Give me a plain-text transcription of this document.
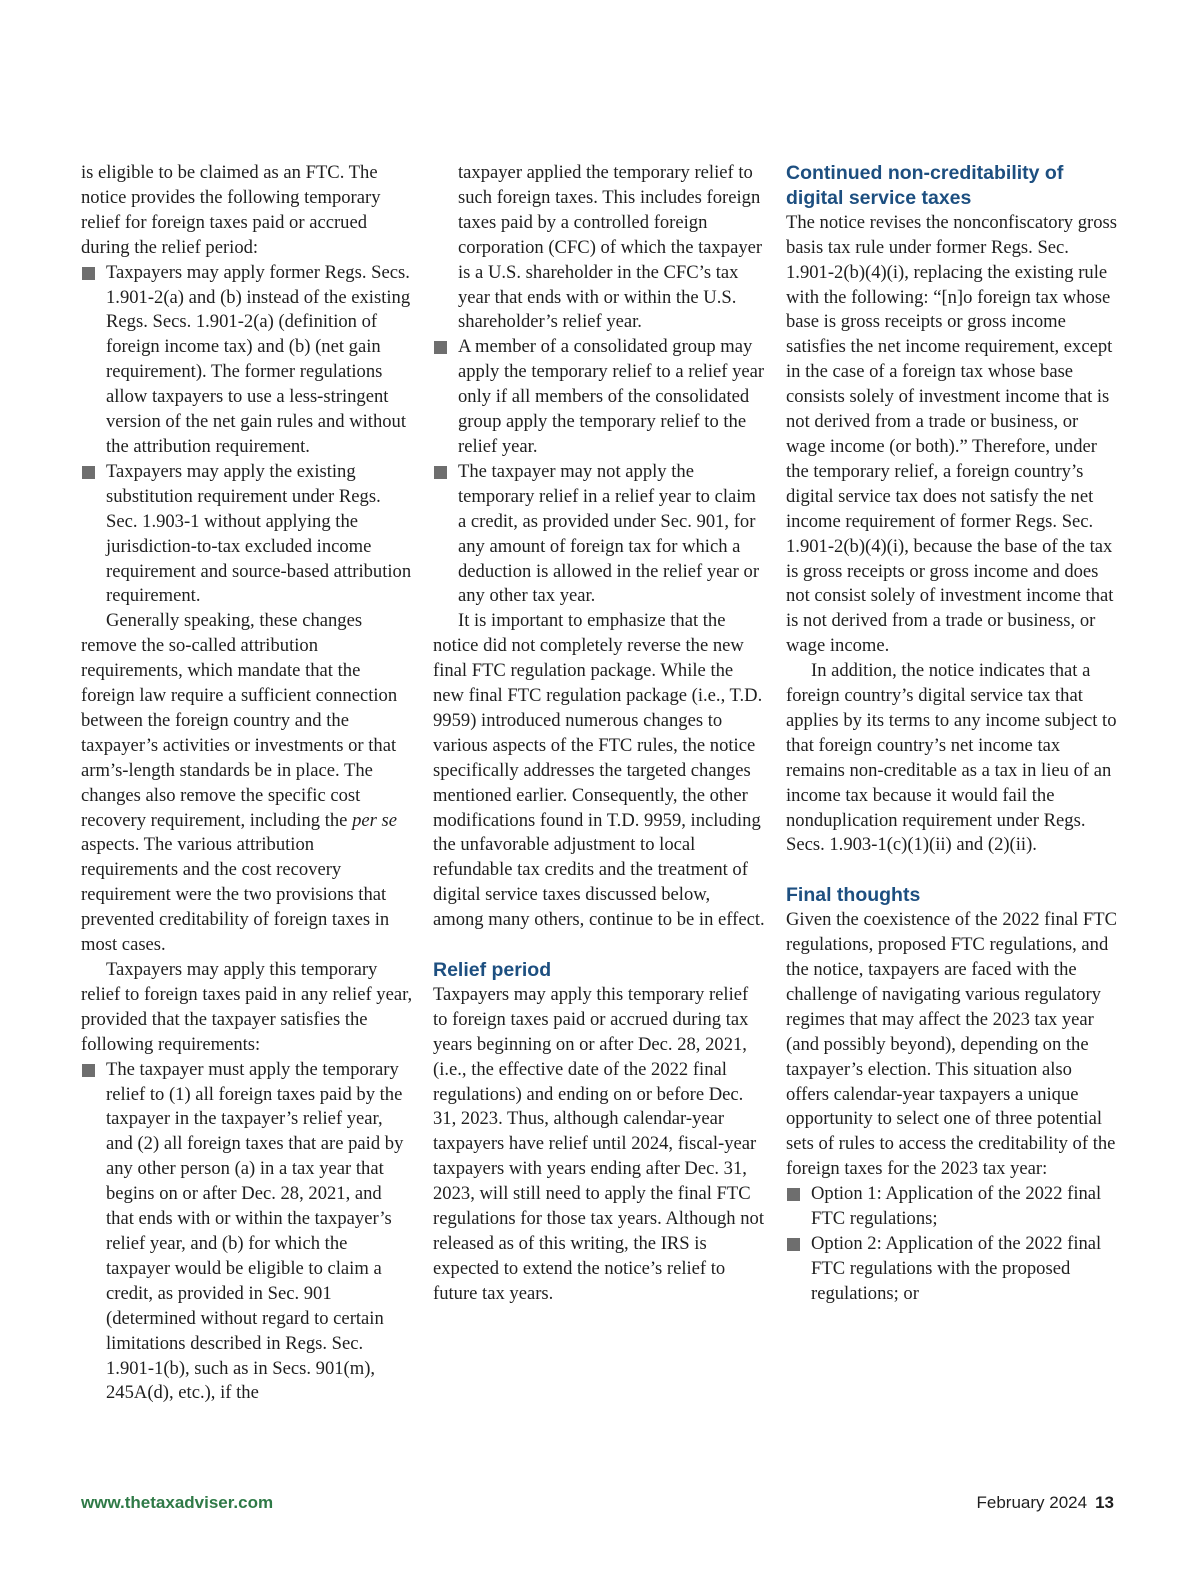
is eligible to be claimed as an FTC. The notice provides the following temporary relief for foreign taxes paid or accrued during the relief period:

Taxpayers may apply former Regs. Secs. 1.901-2(a) and (b) instead of the existing Regs. Secs. 1.901-2(a) (definition of foreign income tax) and (b) (net gain requirement). The former regulations allow taxpayers to use a less-stringent version of the net gain rules and without the attribution requirement.
Taxpayers may apply the existing substitution requirement under Regs. Sec. 1.903-1 without applying the jurisdiction-to-tax excluded income requirement and source-based attribution requirement.

Generally speaking, these changes remove the so-called attribution requirements, which mandate that the foreign law require a sufficient connection between the foreign country and the taxpayer’s activities or investments or that arm’s-length standards be in place. The changes also remove the specific cost recovery requirement, including the per se aspects. The various attribution requirements and the cost recovery requirement were the two provisions that prevented creditability of foreign taxes in most cases.

Taxpayers may apply this temporary relief to foreign taxes paid in any relief year, provided that the taxpayer satisfies the following requirements:

The taxpayer must apply the temporary relief to (1) all foreign taxes paid by the taxpayer in the taxpayer’s relief year, and (2) all foreign taxes that are paid by any other person (a) in a tax year that begins on or after Dec. 28, 2021, and that ends with or within the taxpayer’s relief year, and (b) for which the taxpayer would be eligible to claim a credit, as provided in Sec. 901 (determined without regard to certain limitations described in Regs. Sec. 1.901-1(b), such as in Secs. 901(m), 245A(d), etc.), if the

taxpayer applied the temporary relief to such foreign taxes. This includes foreign taxes paid by a controlled foreign corporation (CFC) of which the taxpayer is a U.S. shareholder in the CFC’s tax year that ends with or within the U.S. shareholder’s relief year.

A member of a consolidated group may apply the temporary relief to a relief year only if all members of the consolidated group apply the temporary relief to the relief year.
The taxpayer may not apply the temporary relief in a relief year to claim a credit, as provided under Sec. 901, for any amount of foreign tax for which a deduction is allowed in the relief year or any other tax year.

It is important to emphasize that the notice did not completely reverse the new final FTC regulation package. While the new final FTC regulation package (i.e., T.D. 9959) introduced numerous changes to various aspects of the FTC rules, the notice specifically addresses the targeted changes mentioned earlier. Consequently, the other modifications found in T.D. 9959, including the unfavorable adjustment to local refundable tax credits and the treatment of digital service taxes discussed below, among many others, continue to be in effect.

Relief period

Taxpayers may apply this temporary relief to foreign taxes paid or accrued during tax years beginning on or after Dec. 28, 2021, (i.e., the effective date of the 2022 final regulations) and ending on or before Dec. 31, 2023. Thus, although calendar-year taxpayers have relief until 2024, fiscal-year taxpayers with years ending after Dec. 31, 2023, will still need to apply the final FTC regulations for those tax years. Although not released as of this writing, the IRS is expected to extend the notice’s relief to future tax years.

Continued non-creditability of digital service taxes

The notice revises the nonconfiscatory gross basis tax rule under former Regs. Sec. 1.901-2(b)(4)(i), replacing the existing rule with the following: “[n]o foreign tax whose base is gross receipts or gross income satisfies the net income requirement, except in the case of a foreign tax whose base consists solely of investment income that is not derived from a trade or business, or wage income (or both).” Therefore, under the temporary relief, a foreign country’s digital service tax does not satisfy the net income requirement of former Regs. Sec. 1.901-2(b)(4)(i), because the base of the tax is gross receipts or gross income and does not consist solely of investment income that is not derived from a trade or business, or wage income.

In addition, the notice indicates that a foreign country’s digital service tax that applies by its terms to any income subject to that foreign country’s net income tax remains non-creditable as a tax in lieu of an income tax because it would fail the nonduplication requirement under Regs. Secs. 1.903-1(c)(1)(ii) and (2)(ii).

Final thoughts

Given the coexistence of the 2022 final FTC regulations, proposed FTC regulations, and the notice, taxpayers are faced with the challenge of navigating various regulatory regimes that may affect the 2023 tax year (and possibly beyond), depending on the taxpayer’s election. This situation also offers calendar-year taxpayers a unique opportunity to select one of three potential sets of rules to access the creditability of the foreign taxes for the 2023 tax year:

Option 1: Application of the 2022 final FTC regulations;
Option 2: Application of the 2022 final FTC regulations with the proposed regulations; or
www.thetaxadviser.com	February 2024 13
